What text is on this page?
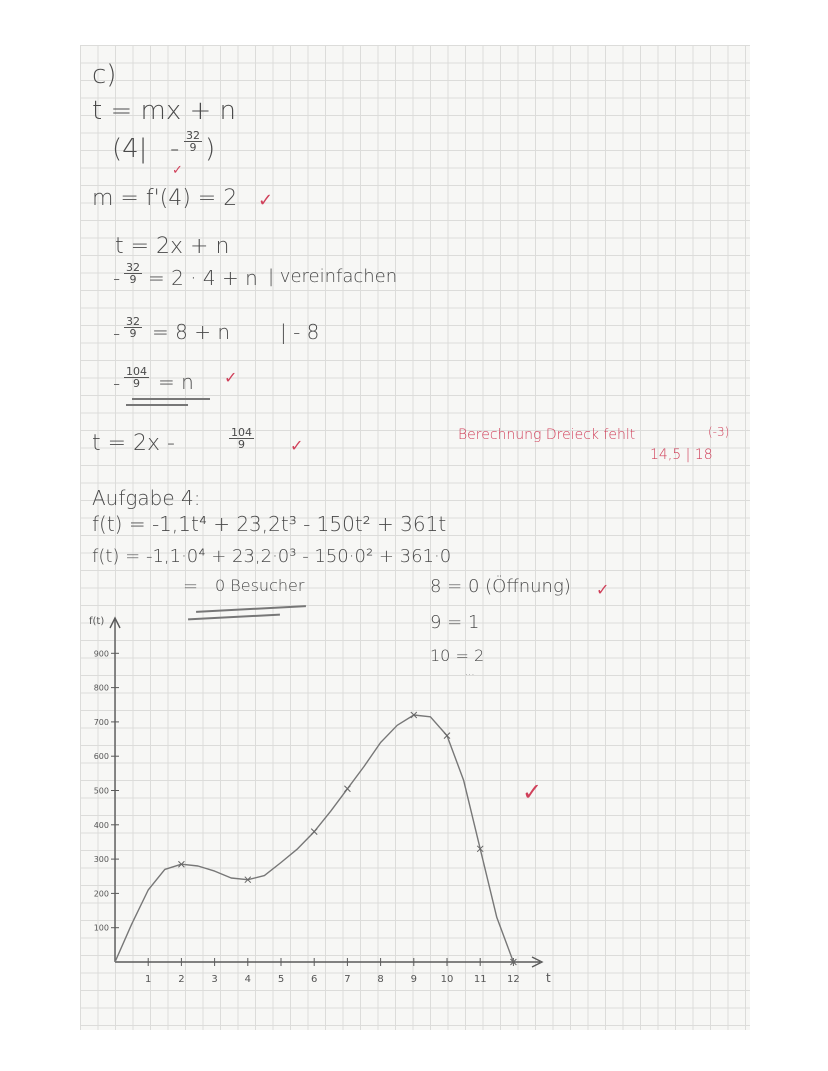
c)
t = mx + n
(4| - 32
9 )
✓
m = f'(4) = 2 ✓
t = 2x + n
- 32
9 = 2 · 4 + n | vereinfachen
- 32
9 = 8 + n	| - 8
- 104
9 = n ✓
t = 2x -	104
9	✓
Berechnung Dreieck fehlt	(-3)
14,5 | 18
Aufgabe 4:
f(t) = -1,1t⁴ + 23,2t³ - 150t² + 361t
f(t) = -1,1·0⁴ + 23,2·0³ - 150·0² + 361·0
= 0 Besucher	8 = 0 (Öffnung) ✓
9 = 1
10 = 2
...
1	2	3	4	5	6	7	8	9 10 11 12
100
200
300
400
500
600
700
800
900
f(t)
t
✓
